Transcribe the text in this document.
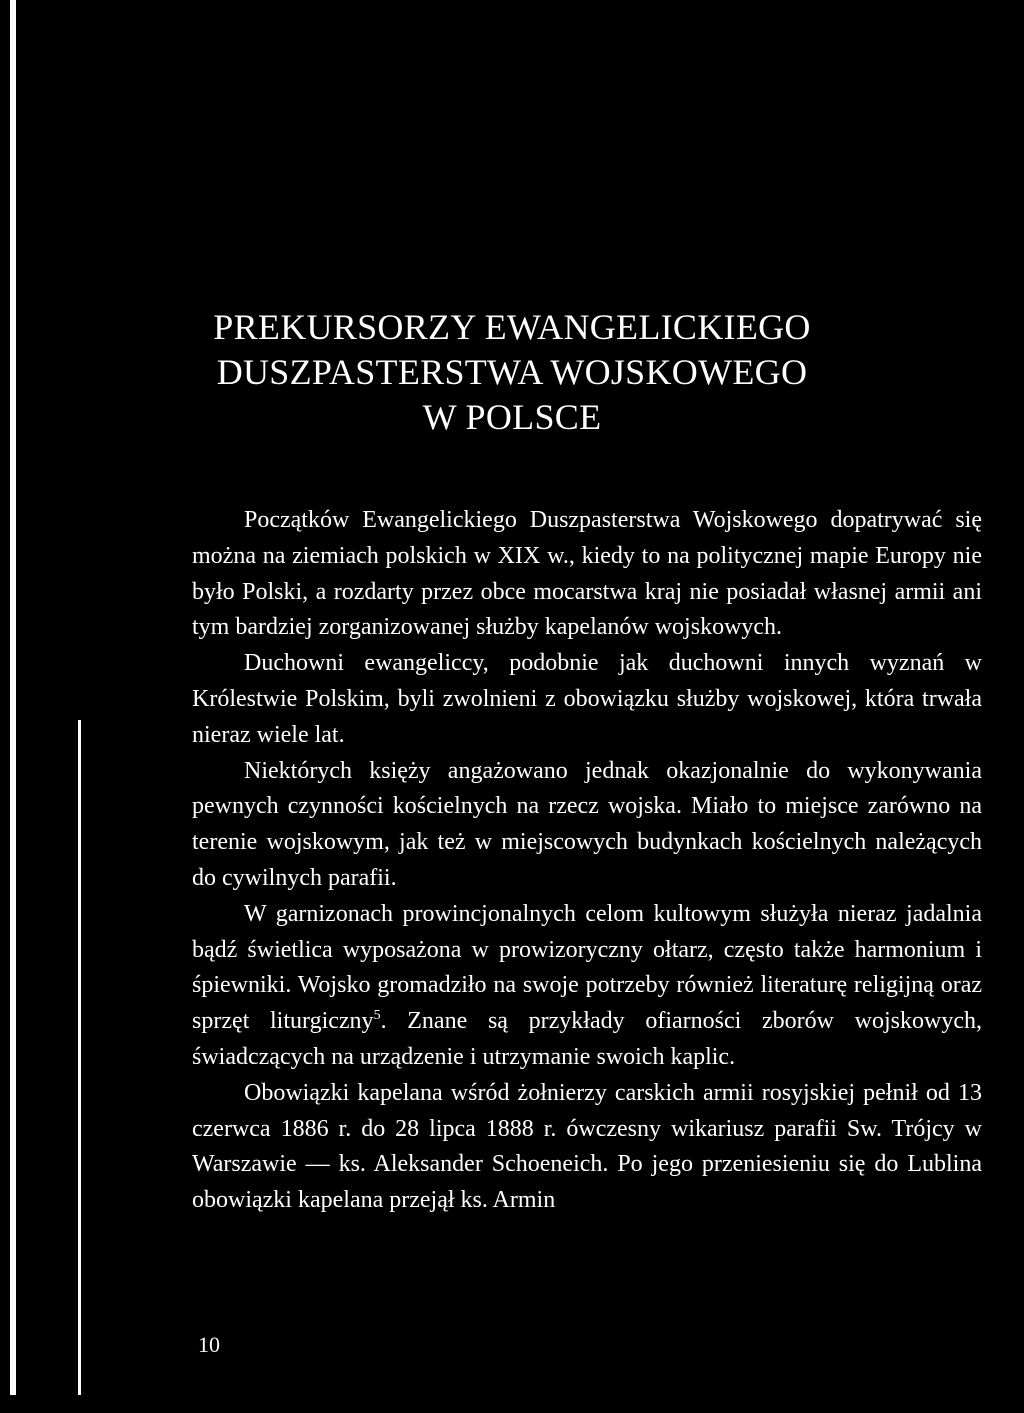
PREKURSORZY EWANGELICKIEGO
DUSZPASTERSTWA WOJSKOWEGO
W POLSCE

Początków Ewangelickiego Duszpasterstwa Wojskowego dopatrywać się można na ziemiach polskich w XIX w., kiedy to na politycznej mapie Europy nie było Polski, a rozdarty przez obce mocarstwa kraj nie posiadał własnej armii ani tym bardziej zorganizowanej służby kapelanów wojskowych.

Duchowni ewangeliccy, podobnie jak duchowni innych wyznań w Królestwie Polskim, byli zwolnieni z obowiązku służby wojskowej, która trwała nieraz wiele lat.

Niektórych księży angażowano jednak okazjonalnie do wykonywania pewnych czynności kościelnych na rzecz wojska. Miało to miejsce zarówno na terenie wojskowym, jak też w miejscowych budynkach kościelnych należących do cywilnych parafii.

W garnizonach prowincjonalnych celom kultowym służyła nieraz jadalnia bądź świetlica wyposażona w prowizoryczny ołtarz, często także harmonium i śpiewniki. Wojsko gromadziło na swoje potrzeby również literaturę religijną oraz sprzęt liturgiczny$^5$. Znane są przykłady ofiarności zborów wojskowych, świadczących na urządzenie i utrzymanie swoich kaplic.

Obowiązki kapelana wśród żołnierzy carskich armii rosyjskiej pełnił od 13 czerwca 1886 r. do 28 lipca 1888 r. ówczesny wikariusz parafii Sw. Trójcy w Warszawie — ks. Aleksander Schoeneich. Po jego przeniesieniu się do Lublina obowiązki kapelana przejął ks. Armin

10
